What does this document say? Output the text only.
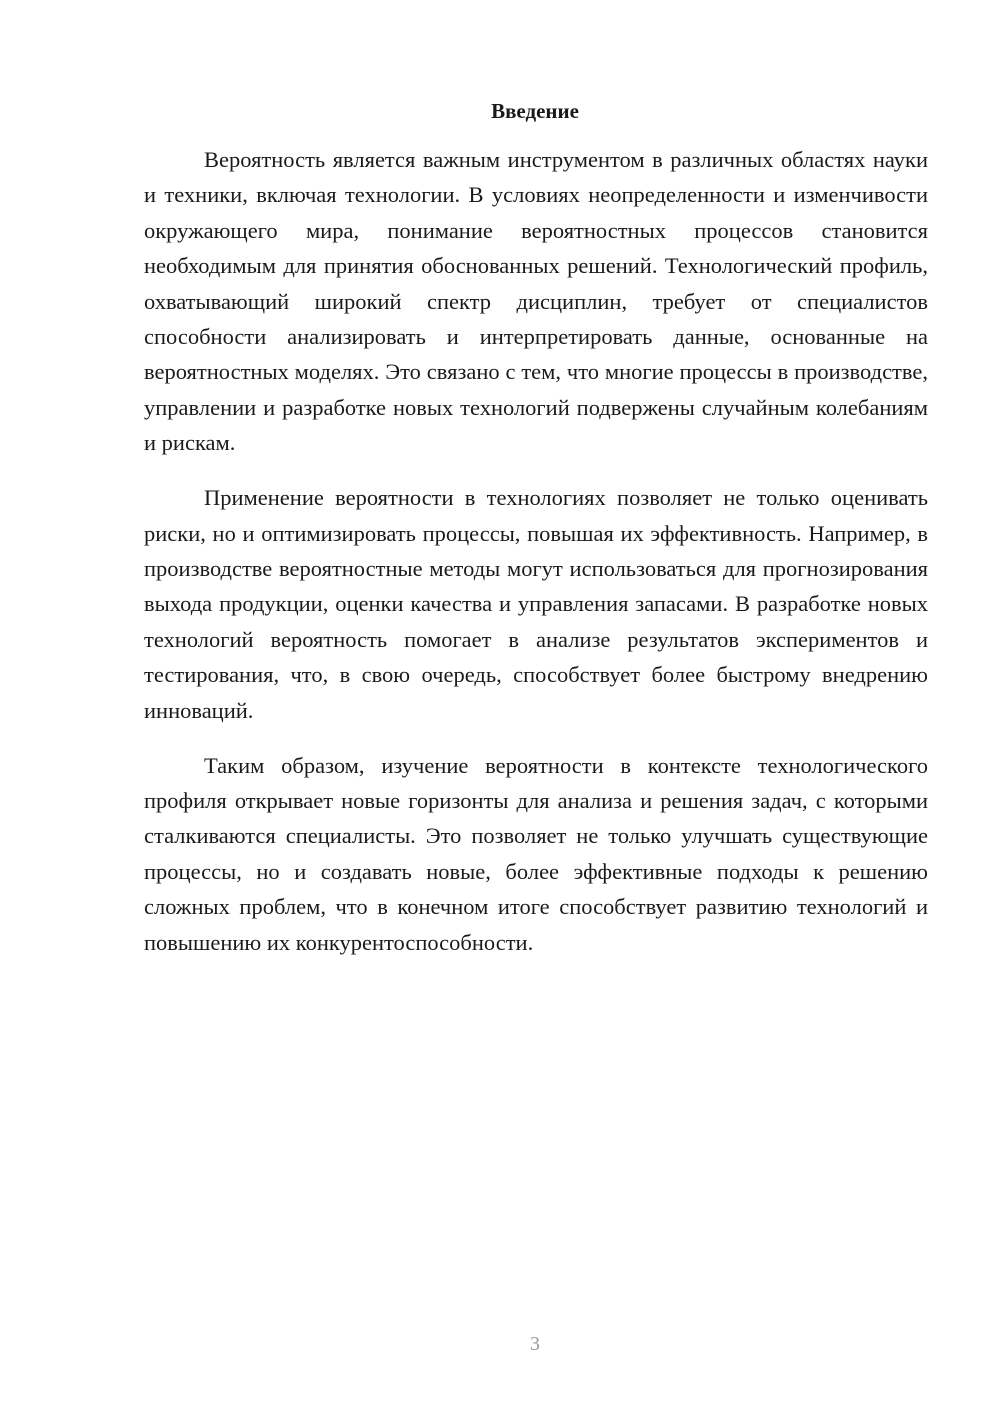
Введение

Вероятность является важным инструментом в различных областях науки и техники, включая технологии. В условиях неопределенности и изменчивости окружающего мира, понимание вероятностных процессов становится необходимым для принятия обоснованных решений. Технологический профиль, охватывающий широкий спектр дисциплин, требует от специалистов способности анализировать и интерпретировать данные, основанные на вероятностных моделях. Это связано с тем, что многие процессы в производстве, управлении и разработке новых технологий подвержены случайным колебаниям и рискам.

Применение вероятности в технологиях позволяет не только оценивать риски, но и оптимизировать процессы, повышая их эффективность. Например, в производстве вероятностные методы могут использоваться для прогнозирования выхода продукции, оценки качества и управления запасами. В разработке новых технологий вероятность помогает в анализе результатов экспериментов и тестирования, что, в свою очередь, способствует более быстрому внедрению инноваций.

Таким образом, изучение вероятности в контексте технологического профиля открывает новые горизонты для анализа и решения задач, с которыми сталкиваются специалисты. Это позволяет не только улучшать существующие процессы, но и создавать новые, более эффективные подходы к решению сложных проблем, что в конечном итоге способствует развитию технологий и повышению их конкурентоспособности.

3
